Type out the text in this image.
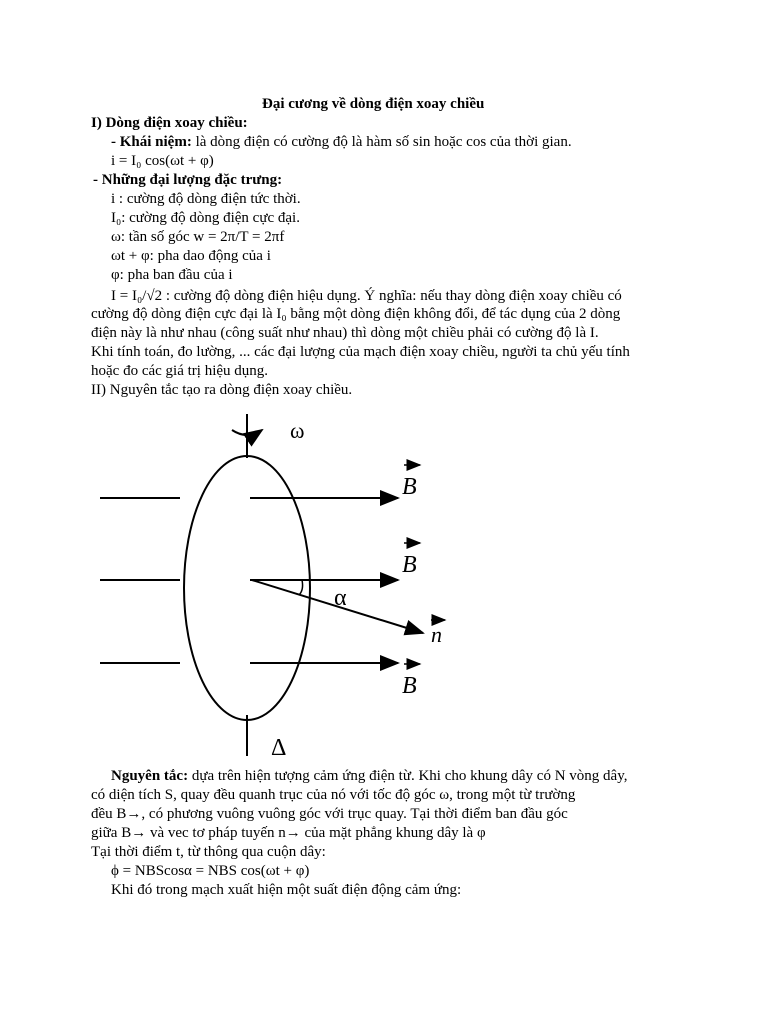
Đại cương về dòng điện xoay chiều
I) Dòng điện xoay chiều:
- Khái niệm: là dòng điện có cường độ là hàm số sin hoặc cos của thời gian.
i = I₀ cos(ωt + φ)
- Những đại lượng đặc trưng:
i : cường độ dòng điện tức thời.
I₀: cường độ dòng điện cực đại.
ω: tần số góc w = 2π/T = 2πf
ωt + φ: pha dao động của i
φ: pha ban đầu của i
I = I₀/√2 : cường độ dòng điện hiệu dụng. Ý nghĩa: nếu thay dòng điện xoay chiều có
cường độ dòng điện cực đại là I₀ bằng một dòng điện không đổi, để tác dụng của 2 dòng
điện này là như nhau (công suất như nhau) thì dòng một chiều phải có cường độ là I.
Khi tính toán, đo lường, ... các đại lượng của mạch điện xoay chiều, người ta chủ yếu tính
hoặc đo các giá trị hiệu dụng.
II) Nguyên tắc tạo ra dòng điện xoay chiều.
ω
B
B
B
α
n
Δ
Nguyên tắc: dựa trên hiện tượng cảm ứng điện từ. Khi cho khung dây có N vòng dây,
có diện tích S, quay đều quanh trục của nó với tốc độ góc ω, trong một từ trường
đều B→, có phương vuông vuông góc với trục quay. Tại thời điểm ban đầu góc
giữa B→ và vec tơ pháp tuyến n→ của mặt phẳng khung dây là φ
Tại thời điểm t, từ thông qua cuộn dây:
ϕ = NBScosα = NBS cos(ωt + φ)
Khi đó trong mạch xuất hiện một suất điện động cảm ứng:
